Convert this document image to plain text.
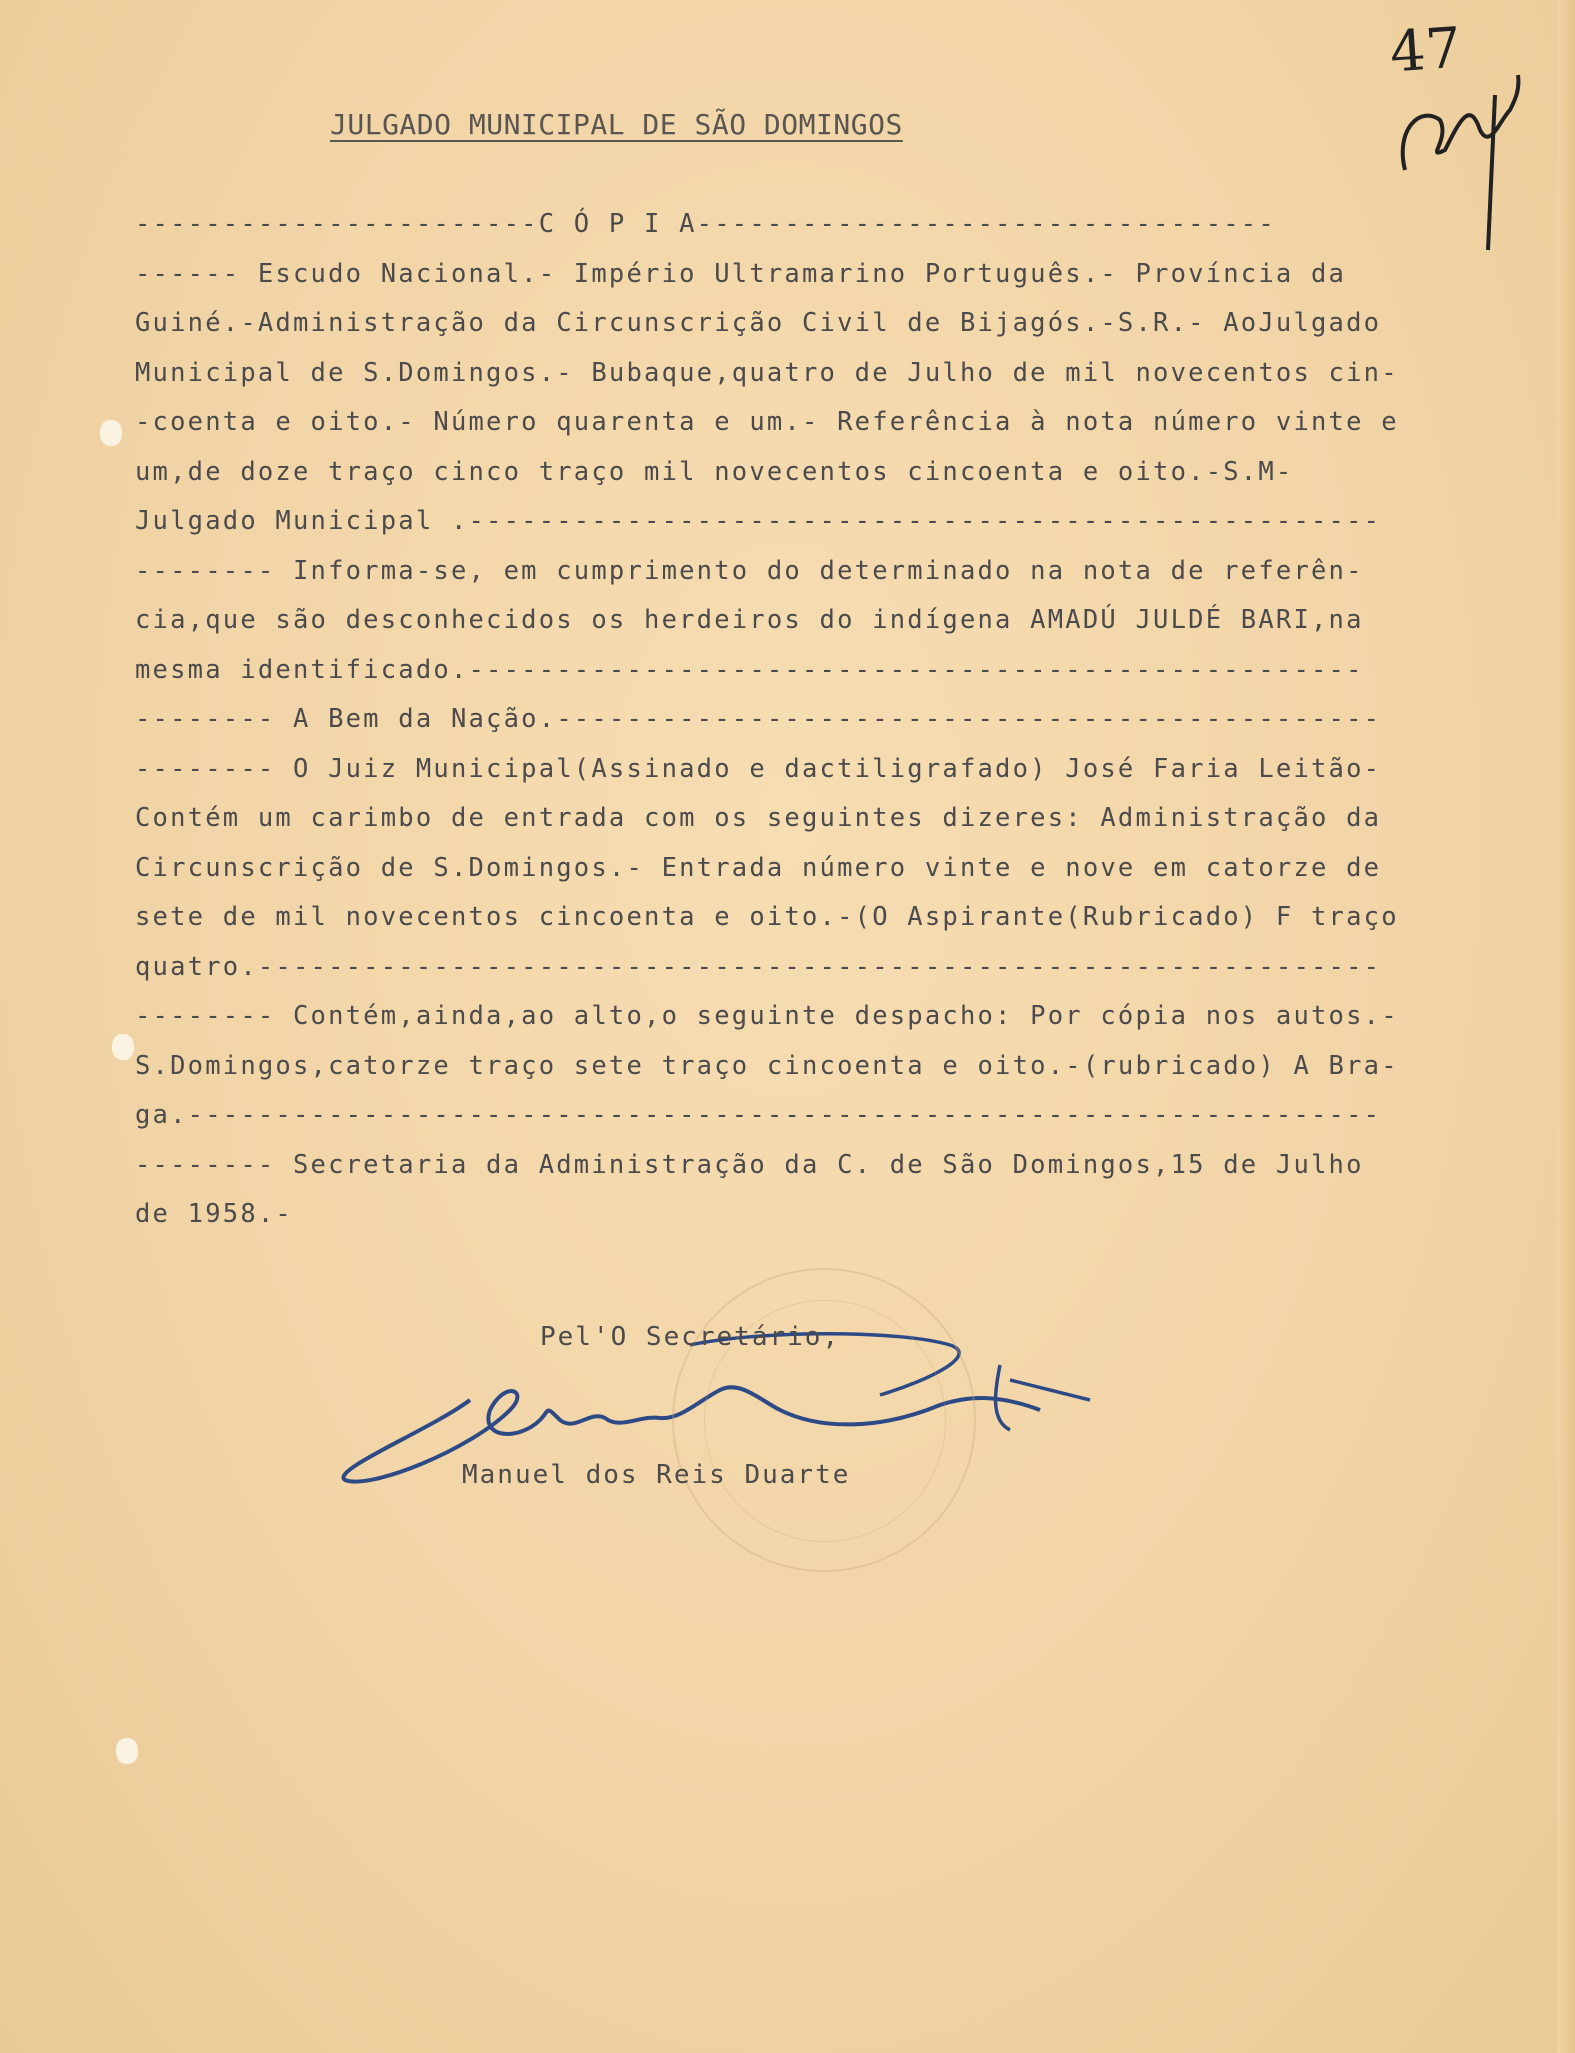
47
JULGADO MUNICIPAL DE SÃO DOMINGOS
-----------------------C Ó P I A---------------------------------
------ Escudo Nacional.- Império Ultramarino Português.- Província da
Guiné.-Administração da Circunscrição Civil de Bijagós.-S.R.- AoJulgado
Municipal de S.Domingos.- Bubaque,quatro de Julho de mil novecentos cin-
-coenta e oito.- Número quarenta e um.- Referência à nota número vinte e
um,de doze traço cinco traço mil novecentos cincoenta e oito.-S.M-
Julgado Municipal .----------------------------------------------------
-------- Informa-se, em cumprimento do determinado na nota de referên-
cia,que são desconhecidos os herdeiros do indígena AMADÚ JULDÉ BARI,na
mesma identificado.---------------------------------------------------
-------- A Bem da Nação.-----------------------------------------------
-------- O Juiz Municipal(Assinado e dactiligrafado) José Faria Leitão-
Contém um carimbo de entrada com os seguintes dizeres: Administração da
Circunscrição de S.Domingos.- Entrada número vinte e nove em catorze de
sete de mil novecentos cincoenta e oito.-(O Aspirante(Rubricado) F traço
quatro.----------------------------------------------------------------
-------- Contém,ainda,ao alto,o seguinte despacho: Por cópia nos autos.-
S.Domingos,catorze traço sete traço cincoenta e oito.-(rubricado) A Bra-
ga.--------------------------------------------------------------------
-------- Secretaria da Administração da C. de São Domingos,15 de Julho
de 1958.-
Pel'O Secretário,
Manuel dos Reis Duarte
